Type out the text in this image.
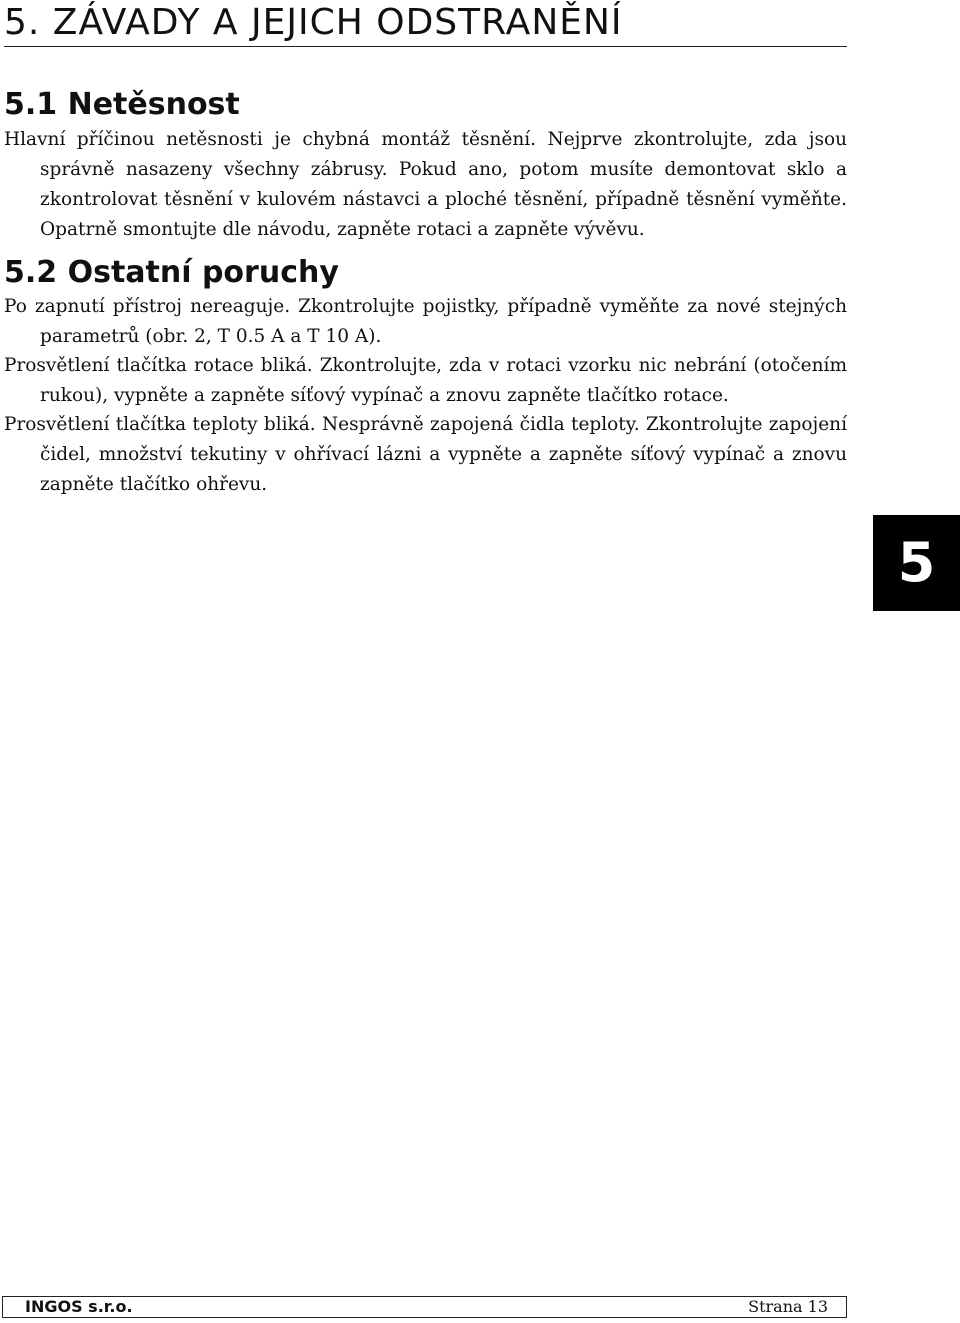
5. ZÁVADY A JEJICH ODSTRANĚNÍ
5.1 Netěsnost

Hlavní příčinou netěsnosti je chybná montáž těsnění. Nejprve zkontrolujte, zda jsou správně nasazeny všechny zábrusy. Pokud ano, potom musíte demontovat sklo a zkontrolovat těsnění v kulovém nástavci a ploché těsnění, případně těsnění vyměňte. Opatrně smontujte dle návodu, zapněte rotaci a zapněte vývěvu.

5.2 Ostatní poruchy

Po zapnutí přístroj nereaguje. Zkontrolujte pojistky, případně vyměňte za nové stejných parametrů (obr. 2, T 0.5 A a T 10 A).

Prosvětlení tlačítka rotace bliká. Zkontrolujte, zda v rotaci vzorku nic nebrání (otočením rukou), vypněte a zapněte síťový vypínač a znovu zapněte tlačítko rotace.

Prosvětlení tlačítka teploty bliká. Nesprávně zapojená čidla teploty. Zkontrolujte zapojení čidel, množství tekutiny v ohřívací lázni a vypněte a zapněte síťový vypínač a znovu zapněte tlačítko ohřevu.

5
INGOS s.r.o.	Strana 13
